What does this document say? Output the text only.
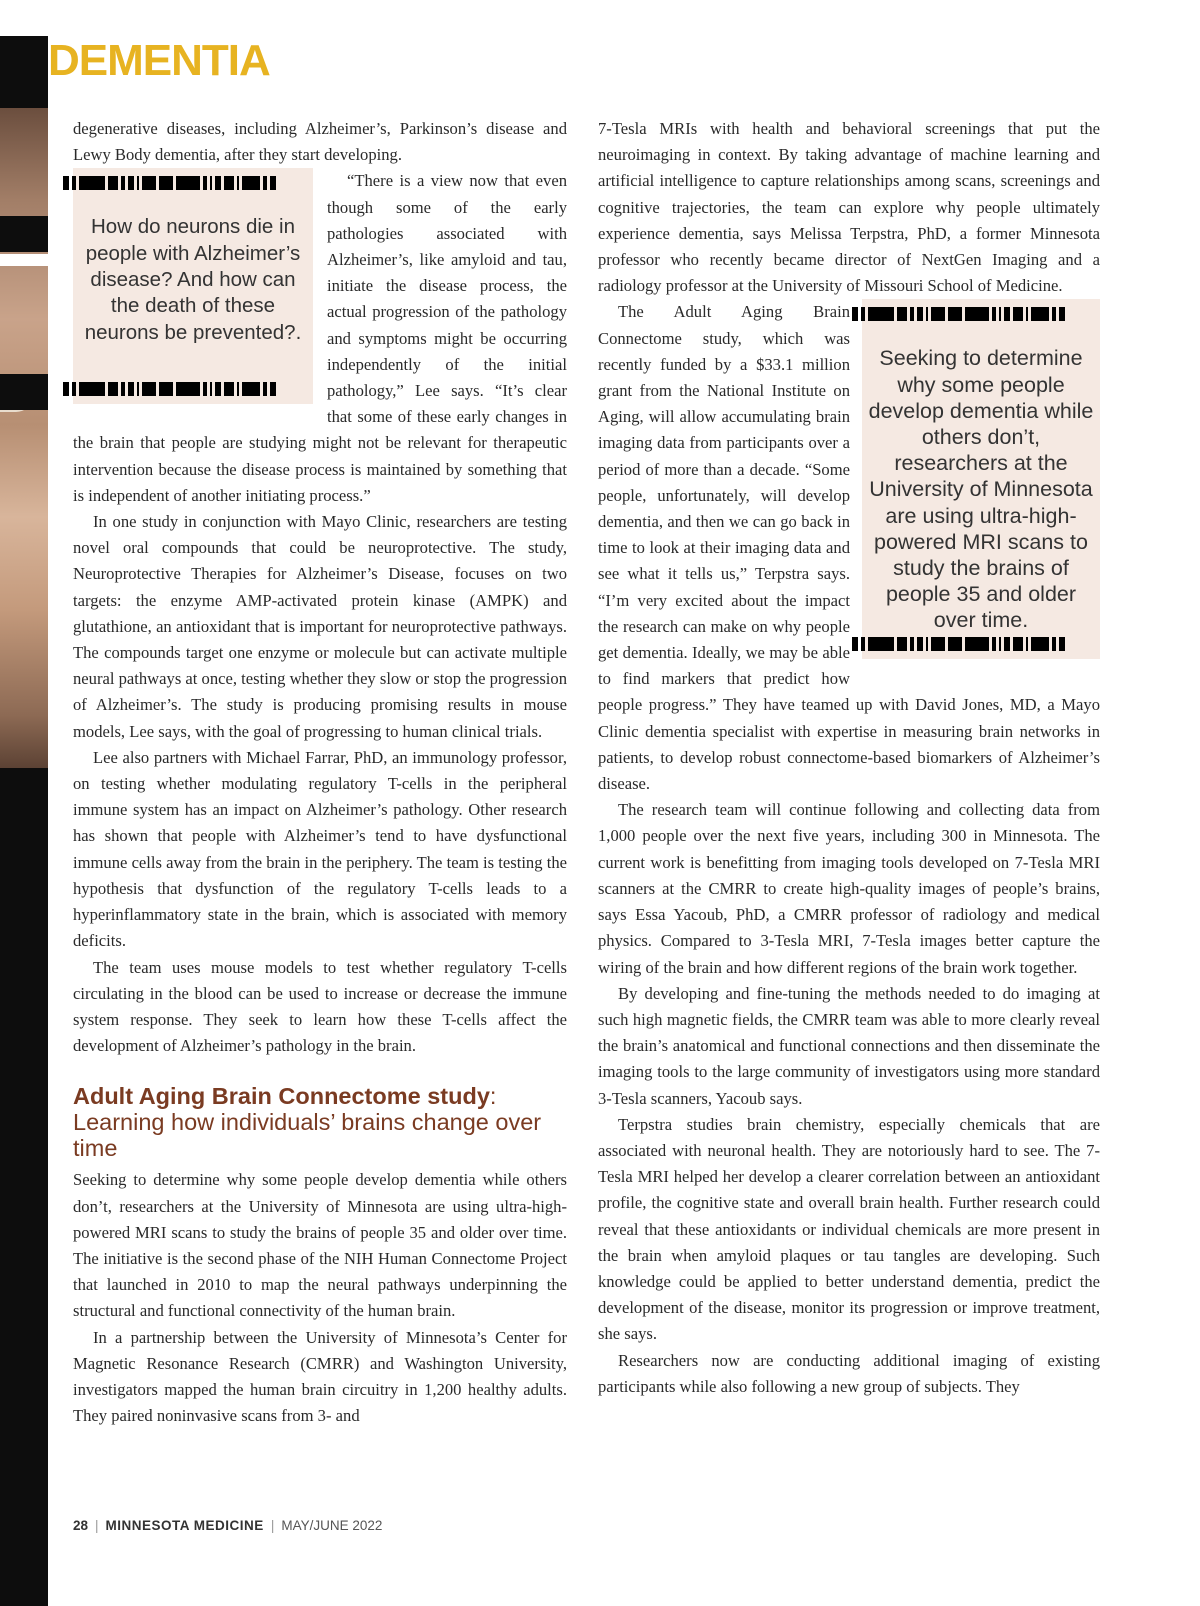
DEMENTIA

degenerative diseases, including Alzheimer’s, Parkinson’s disease and Lewy Body dementia, after they start developing.

How do neurons die in people with Alzheimer’s disease? And how can the death of these neurons be prevented?.

“There is a view now that even though some of the early pathologies associated with Alzheimer’s, like amyloid and tau, initiate the disease process, the actual progression of the pathology and symptoms might be occurring independently of the initial pathology,” Lee says. “It’s clear that some of these early changes in the brain that people are studying might not be relevant for therapeutic intervention because the disease process is maintained by something that is independent of another initiating process.”

In one study in conjunction with Mayo Clinic, researchers are testing novel oral compounds that could be neuroprotective. The study, Neuroprotective Therapies for Alzheimer’s Disease, focuses on two targets: the enzyme AMP-activated protein kinase (AMPK) and glutathione, an antioxidant that is important for neuroprotective pathways. The compounds target one enzyme or molecule but can activate multiple neural pathways at once, testing whether they slow or stop the progression of Alzheimer’s. The study is producing promising results in mouse models, Lee says, with the goal of progressing to human clinical trials.

Lee also partners with Michael Farrar, PhD, an immunology professor, on testing whether modulating regulatory T-cells in the peripheral immune system has an impact on Alzheimer’s pathology. Other research has shown that people with Alzheimer’s tend to have dysfunctional immune cells away from the brain in the periphery. The team is testing the hypothesis that dysfunction of the regulatory T-cells leads to a hyperinflammatory state in the brain, which is associated with memory deficits.

The team uses mouse models to test whether regulatory T-cells circulating in the blood can be used to increase or decrease the immune system response. They seek to learn how these T-cells affect the development of Alzheimer’s pathology in the brain.

Adult Aging Brain Connectome study: Learning how individuals’ brains change over time

Seeking to determine why some people develop dementia while others don’t, researchers at the University of Minnesota are using ultra-high-powered MRI scans to study the brains of people 35 and older over time. The initiative is the second phase of the NIH Human Connectome Project that launched in 2010 to map the neural pathways underpinning the structural and functional connectivity of the human brain.

In a partnership between the University of Minnesota’s Center for Magnetic Resonance Research (CMRR) and Washington University, investigators mapped the human brain circuitry in 1,200 healthy adults. They paired noninvasive scans from 3- and

7-Tesla MRIs with health and behavioral screenings that put the neuroimaging in context. By taking advantage of machine learning and artificial intelligence to capture relationships among scans, screenings and cognitive trajectories, the team can explore why people ultimately experience dementia, says Melissa Terpstra, PhD, a former Minnesota professor who recently became director of NextGen Imaging and a radiology professor at the University of Missouri School of Medicine.

Seeking to determine why some people develop dementia while others don’t, researchers at the University of Minnesota are using ultra-high-powered MRI scans to study the brains of people 35 and older over time.

The Adult Aging Brain Connectome study, which was recently funded by a $33.1 million grant from the National Institute on Aging, will allow accumulating brain imaging data from participants over a period of more than a decade. “Some people, unfortunately, will develop dementia, and then we can go back in time to look at their imaging data and see what it tells us,” Terpstra says. “I’m very excited about the impact the research can make on why people get dementia. Ideally, we may be able to find markers that predict how people progress.” They have teamed up with David Jones, MD, a Mayo Clinic dementia specialist with expertise in measuring brain networks in patients, to develop robust connectome-based biomarkers of Alzheimer’s disease.

The research team will continue following and collecting data from 1,000 people over the next five years, including 300 in Minnesota. The current work is benefitting from imaging tools developed on 7-Tesla MRI scanners at the CMRR to create high-quality images of people’s brains, says Essa Yacoub, PhD, a CMRR professor of radiology and medical physics. Compared to 3-Tesla MRI, 7-Tesla images better capture the wiring of the brain and how different regions of the brain work together.

By developing and fine-tuning the methods needed to do imaging at such high magnetic fields, the CMRR team was able to more clearly reveal the brain’s anatomical and functional connections and then disseminate the imaging tools to the large community of investigators using more standard 3-Tesla scanners, Yacoub says.

Terpstra studies brain chemistry, especially chemicals that are associated with neuronal health. They are notoriously hard to see. The 7-Tesla MRI helped her develop a clearer correlation between an antioxidant profile, the cognitive state and overall brain health. Further research could reveal that these antioxidants or individual chemicals are more present in the brain when amyloid plaques or tau tangles are developing. Such knowledge could be applied to better understand dementia, predict the development of the disease, monitor its progression or improve treatment, she says.

Researchers now are conducting additional imaging of existing participants while also following a new group of subjects. They

28 | MINNESOTA MEDICINE | MAY/JUNE 2022
